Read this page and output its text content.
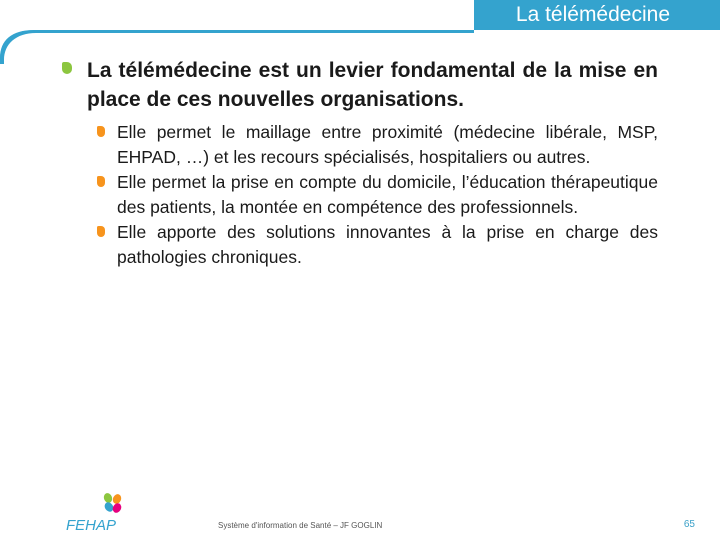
La télémédecine
La télémédecine est un levier fondamental de la mise en place de ces nouvelles organisations.
Elle permet le maillage entre proximité (médecine libérale, MSP, EHPAD, …) et les recours spécialisés, hospitaliers ou autres.
Elle permet la prise en compte du domicile, l’éducation thérapeutique des patients, la montée en compétence des professionnels.
Elle apporte des solutions innovantes à la prise en charge des pathologies chroniques.
FEHAP	Système d'information de Santé – JF GOGLIN	65
